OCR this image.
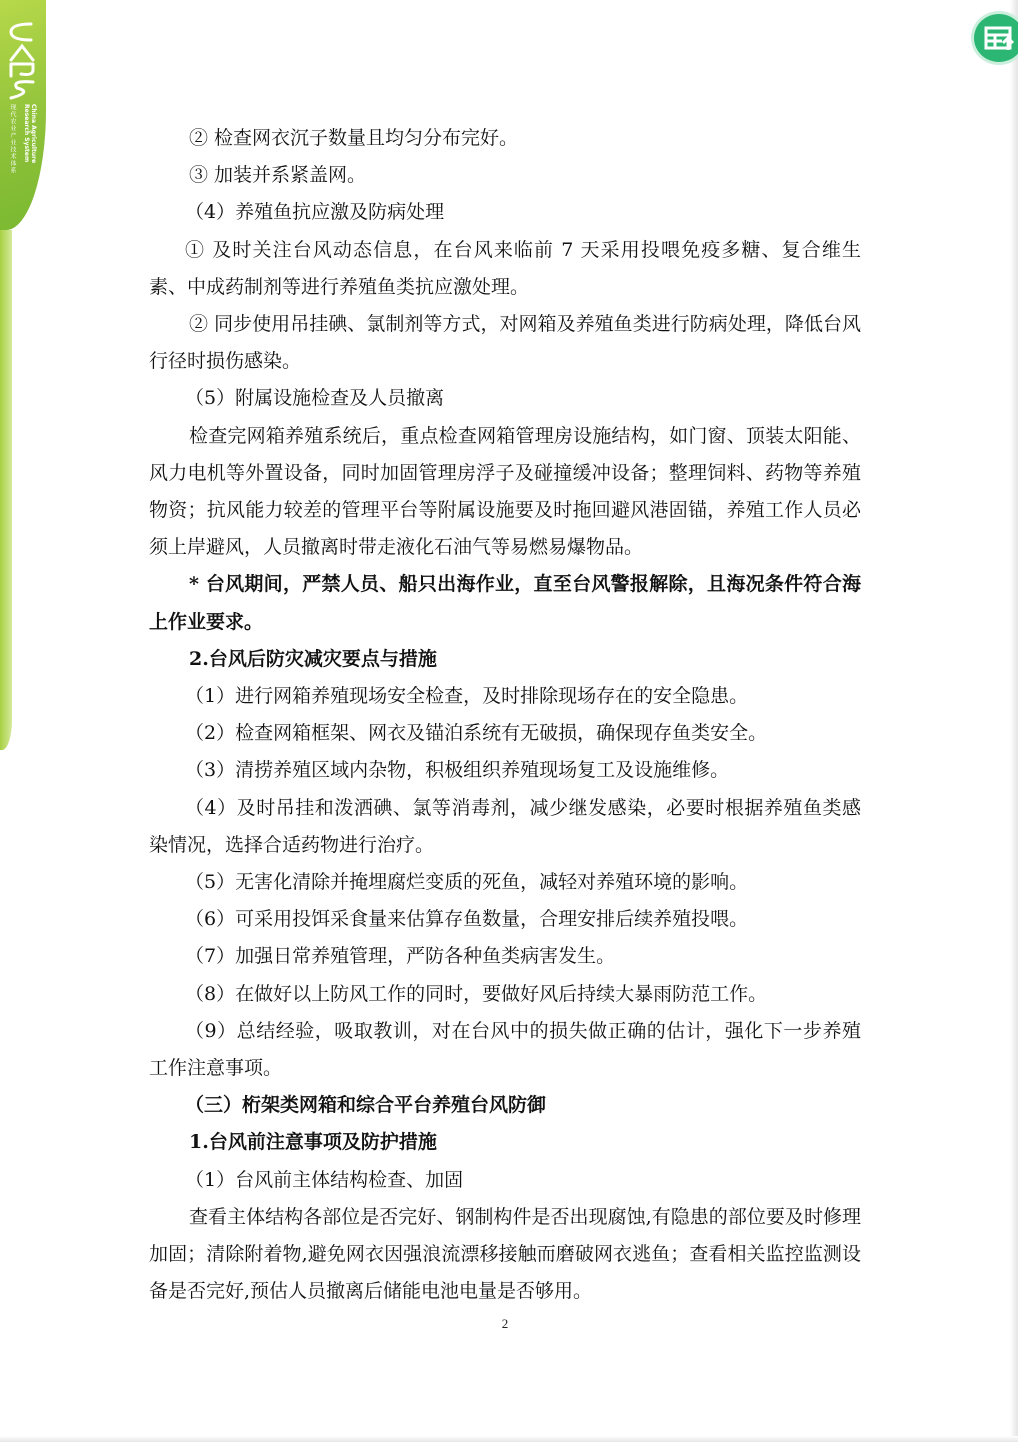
China Agriculture Research System
现代农业产业技术体系	② 检查网衣沉子数量且均匀分布完好。

③ 加装并系紧盖网。

（4）养殖鱼抗应激及防病处理

① 及时关注台风动态信息，在台风来临前 7 天采用投喂免疫多糖、复合维生素、中成药制剂等进行养殖鱼类抗应激处理。

② 同步使用吊挂碘、氯制剂等方式，对网箱及养殖鱼类进行防病处理，降低台风行径时损伤感染。

（5）附属设施检查及人员撤离

检查完网箱养殖系统后，重点检查网箱管理房设施结构，如门窗、顶装太阳能、风力电机等外置设备，同时加固管理房浮子及碰撞缓冲设备；整理饲料、药物等养殖物资；抗风能力较差的管理平台等附属设施要及时拖回避风港固锚，养殖工作人员必须上岸避风，人员撤离时带走液化石油气等易燃易爆物品。

* 台风期间，严禁人员、船只出海作业，直至台风警报解除，且海况条件符合海上作业要求。

2.台风后防灾减灾要点与措施

（1）进行网箱养殖现场安全检查，及时排除现场存在的安全隐患。

（2）检查网箱框架、网衣及锚泊系统有无破损，确保现存鱼类安全。

（3）清捞养殖区域内杂物，积极组织养殖现场复工及设施维修。

（4）及时吊挂和泼洒碘、氯等消毒剂，减少继发感染，必要时根据养殖鱼类感染情况，选择合适药物进行治疗。

（5）无害化清除并掩埋腐烂变质的死鱼，减轻对养殖环境的影响。

（6）可采用投饵采食量来估算存鱼数量，合理安排后续养殖投喂。

（7）加强日常养殖管理，严防各种鱼类病害发生。

（8）在做好以上防风工作的同时，要做好风后持续大暴雨防范工作。

（9）总结经验，吸取教训，对在台风中的损失做正确的估计，强化下一步养殖工作注意事项。

（三）桁架类网箱和综合平台养殖台风防御

1.台风前注意事项及防护措施

（1）台风前主体结构检查、加固

查看主体结构各部位是否完好、钢制构件是否出现腐蚀,有隐患的部位要及时修理加固；清除附着物,避免网衣因强浪流漂移接触而磨破网衣逃鱼；查看相关监控监测设备是否完好,预估人员撤离后储能电池电量是否够用。

2
